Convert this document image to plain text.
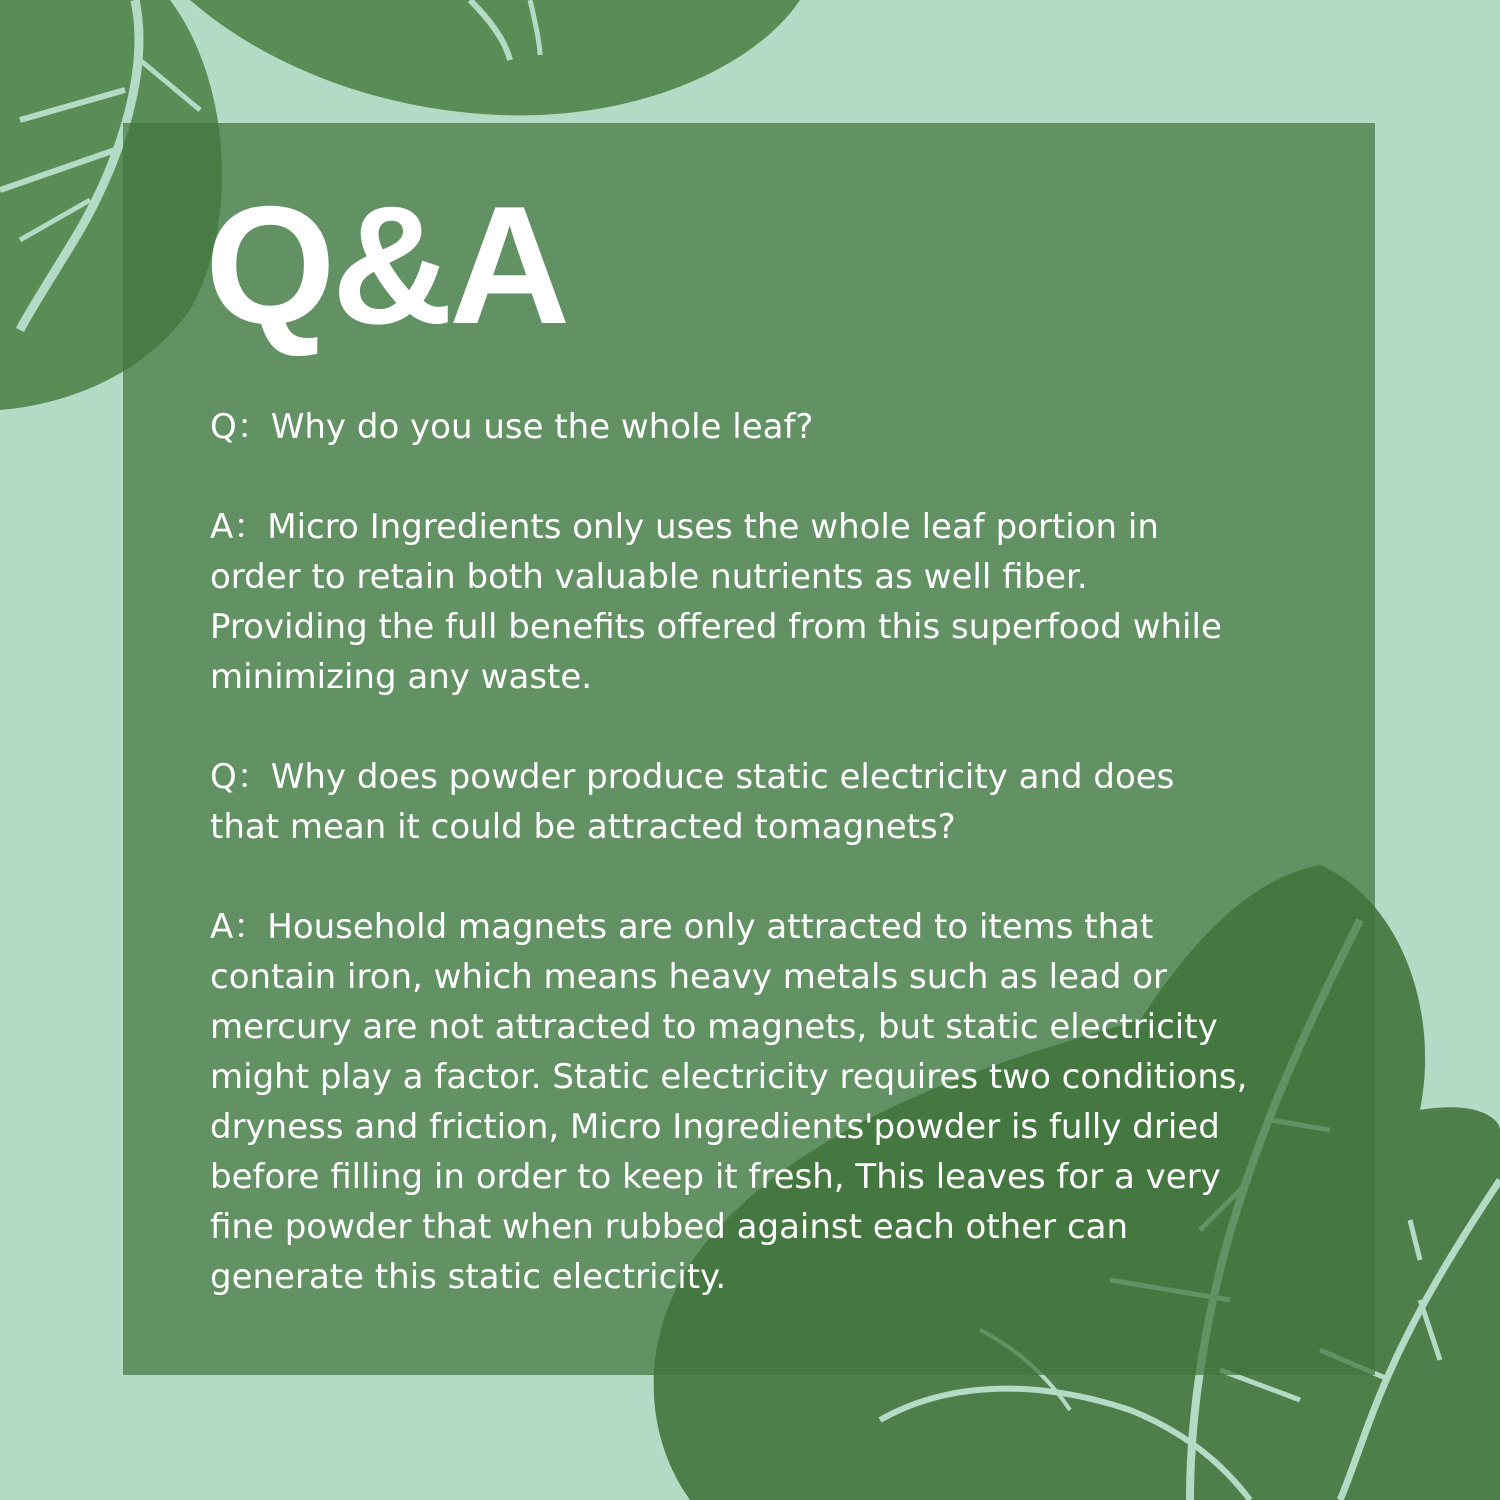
Q&A

Q：Why do you use the whole leaf?

A：Micro Ingredients only uses the whole leaf portion in
order to retain both valuable nutrients as well fiber.
Providing the full benefits offered from this superfood while
minimizing any waste.

Q：Why does powder produce static electricity and does
that mean it could be attracted tomagnets?

A：Household magnets are only attracted to items that
contain iron, which means heavy metals such as lead or
mercury are not attracted to magnets, but static electricity
might play a factor. Static electricity requires two conditions,
dryness and friction, Micro Ingredients'powder is fully dried
before filling in order to keep it fresh, This leaves for a very
fine powder that when rubbed against each other can
generate this static electricity.
